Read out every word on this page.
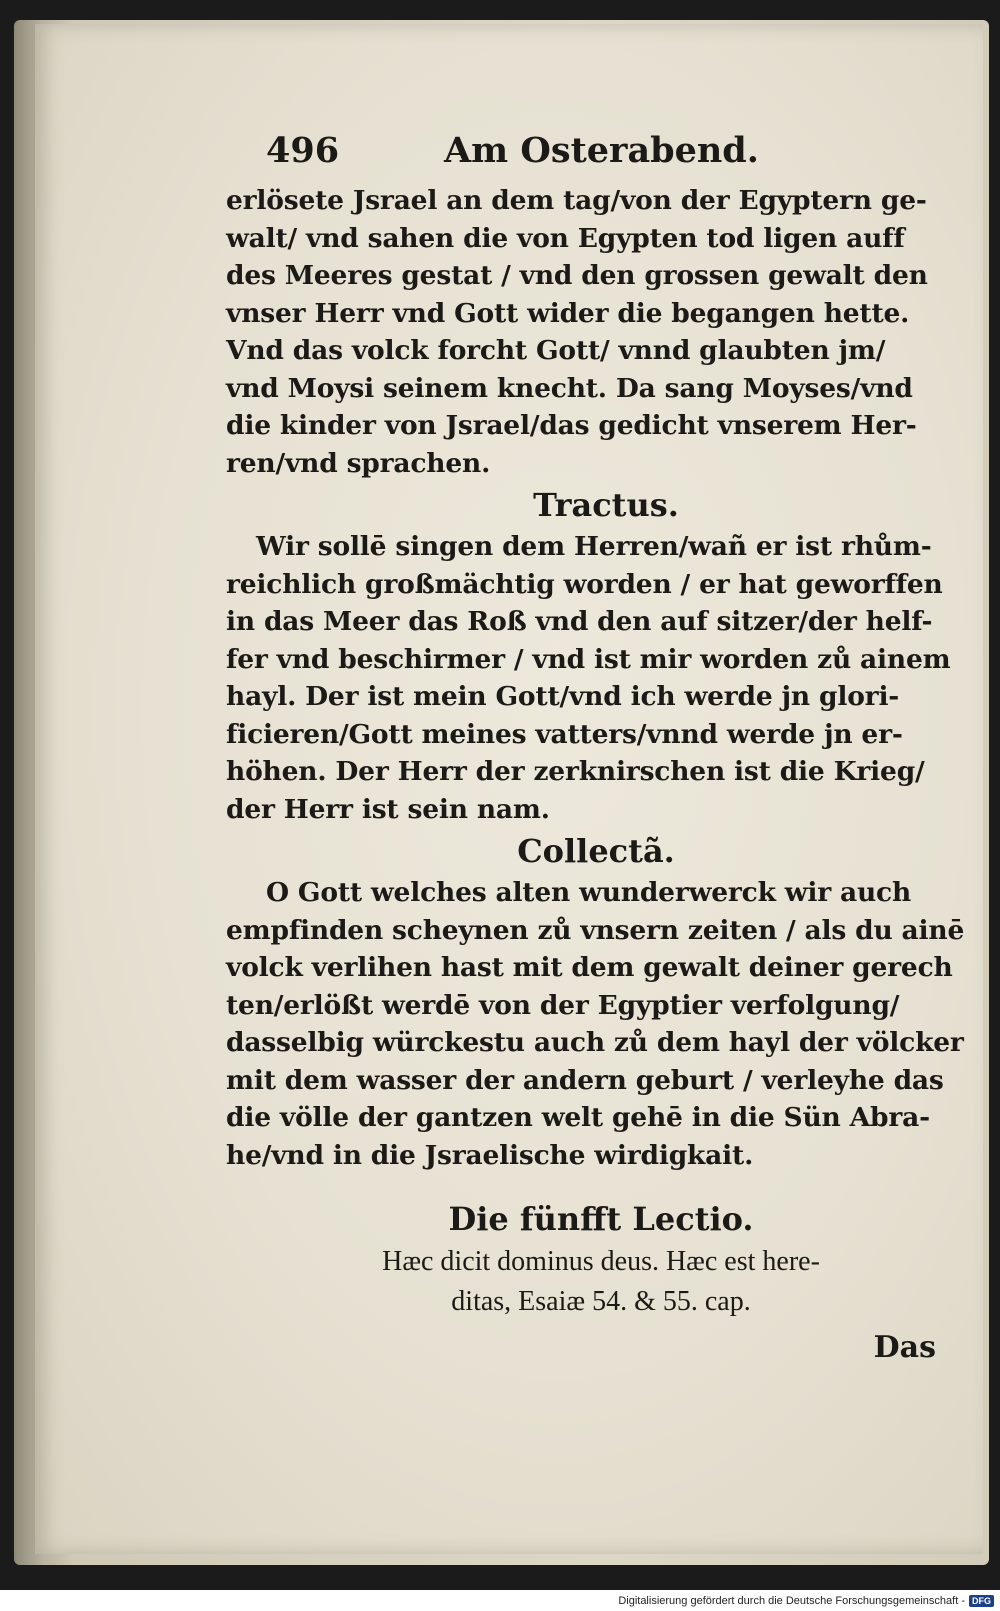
496	Am Osterabend.
erlösete Jsrael an dem tag/von der Egyptern ge-
walt/ vnd sahen die von Egypten tod ligen auff
des Meeres gestat / vnd den grossen gewalt den
vnser Herr vnd Gott wider die begangen hette.
Vnd das volck forcht Gott/ vnnd glaubten jm/
vnd Moysi seinem knecht. Da sang Moyses/vnd
die kinder von Jsrael/das gedicht vnserem Her-
ren/vnd sprachen.
Tractus.
Wir sollē singen dem Herren/wañ er ist rhům-
reichlich großmächtig worden / er hat geworffen
in das Meer das Roß vnd den auf sitzer/der helf-
fer vnd beschirmer / vnd ist mir worden zů ainem
hayl. Der ist mein Gott/vnd ich werde jn glori-
ficieren/Gott meines vatters/vnnd werde jn er-
höhen. Der Herr der zerknirschen ist die Krieg/
der Herr ist sein nam.
Collectã.
O Gott welches alten wunderwerck wir auch
empfinden scheynen zů vnsern zeiten / als du ainē
volck verlihen hast mit dem gewalt deiner gerech
ten/erlößt werdē von der Egyptier verfolgung/
dasselbig würckestu auch zů dem hayl der völcker
mit dem wasser der andern geburt / verleyhe das
die völle der gantzen welt gehē in die Sün Abra-
he/vnd in die Jsraelische wirdigkait.
Die fünfft Lectio.
Hæc dicit dominus deus. Hæc est here-
ditas, Esaiæ 54. & 55. cap.
Das
Digitalisierung gefördert durch die Deutsche Forschungsgemeinschaft - DFG
